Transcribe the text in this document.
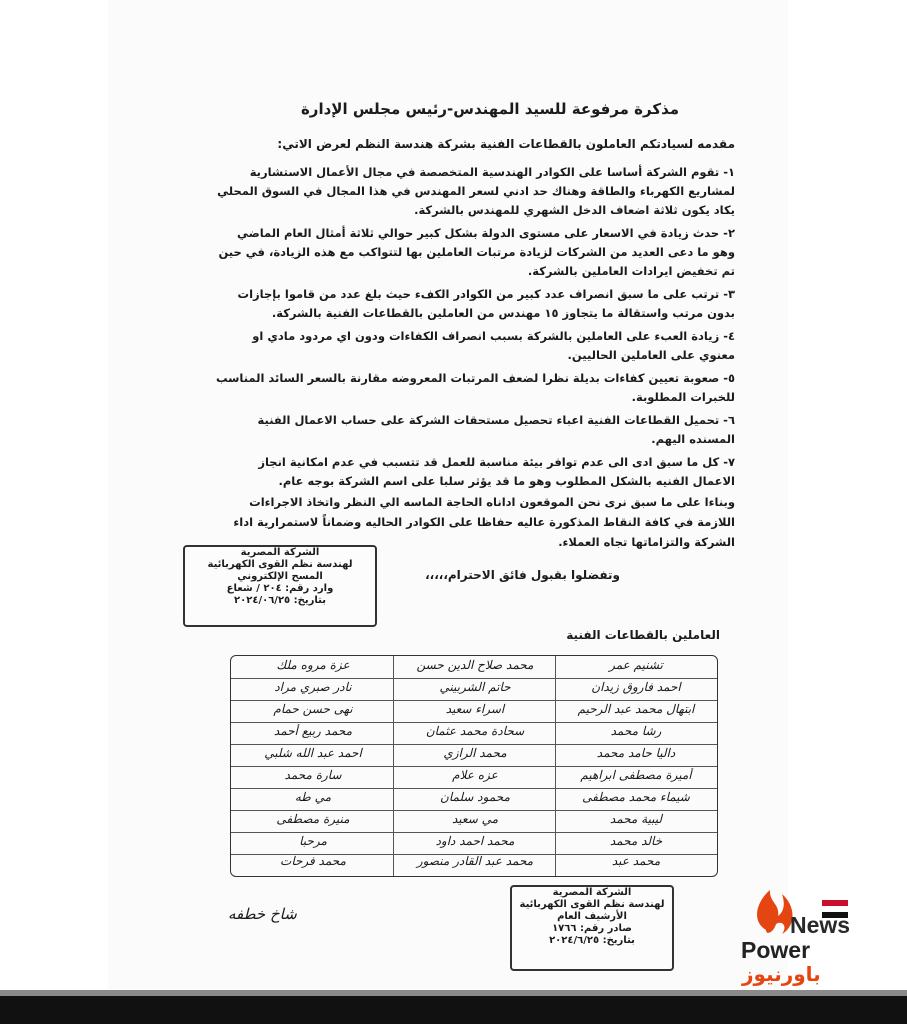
مذكرة مرفوعة للسيد المهندس-رئيس مجلس الإدارة
مقدمه لسيادتكم العاملون بالقطاعات الفنية بشركة هندسة النظم لعرض الاتي:
١- تقوم الشركة أساسا على الكوادر الهندسية المتخصصة في مجال الأعمال الاستشارية لمشاريع الكهرباء والطاقة وهناك حد ادني لسعر المهندس في هذا المجال في السوق المحلي يكاد يكون ثلاثة اضعاف الدخل الشهري للمهندس بالشركة.
٢- حدث زيادة في الاسعار على مستوى الدولة بشكل كبير حوالي ثلاثة أمثال العام الماضي وهو ما دعى العديد من الشركات لزيادة مرتبات العاملين بها لتتواكب مع هذه الزيادة، في حين تم تخفيض ايرادات العاملين بالشركة.
٣- ترتب على ما سبق انصراف عدد كبير من الكوادر الكفء حيث بلغ عدد من قاموا بإجازات بدون مرتب واستقالة ما يتجاوز ١٥ مهندس من العاملين بالقطاعات الفنية بالشركة.
٤- زيادة العبء على العاملين بالشركة بسبب انصراف الكفاءات ودون اي مردود مادي او معنوي على العاملين الحاليين.
٥- صعوبة تعيين كفاءات بديلة نظرا لضعف المرتبات المعروضه مقارنة بالسعر السائد المناسب للخبرات المطلوبة.
٦- تحميل القطاعات الفنية اعباء تحصيل مستحقات الشركة على حساب الاعمال الفنية المسنده اليهم.
٧- كل ما سبق ادى الى عدم توافر بيئة مناسبة للعمل قد تتسبب في عدم امكانية انجاز الاعمال الفنيه بالشكل المطلوب وهو ما قد يؤثر سلبا على اسم الشركة بوجه عام.
وبناءا على ما سبق نرى نحن الموقعون اداناه الحاجة الماسه الي النظر واتخاذ الاجراءات اللازمة في كافة النقاط المذكورة عاليه حفاظا على الكوادر الحاليه وضماناً لاستمرارية اداء الشركة والتزاماتها تجاه العملاء.
وتفضلوا بقبول فائق الاحترام،،،،،
الشركة المصرية
لهندسة نظم القوى الكهربائية
المسح الإلكتروني
وارد رقم: ٢٠٤ / شعاع
بتاريخ: ٢٠٢٤/٠٦/٢٥
العاملين بالقطاعات الفنية
عزة مروه ملك	محمد صلاح الدين حسن	تشنيم عمر
نادر صبري مراد	حاتم الشربيني	احمد فاروق زيدان
نهى حسن حمام	اسراء سعيد	ابتهال محمد عبد الرحيم
محمد ربيع أحمد	سحادة محمد عثمان	رشا محمد
احمد عبد الله شلبي	محمد الرازي	داليا حامد محمد
سارة محمد	عزه علام	أميرة مصطفى ابراهيم
مي طه	محمود سلمان	شيماء محمد مصطفى
منيرة مصطفى	مي سعيد	ليبية محمد
مرحبا	محمد احمد داود	خالد محمد
محمد فرحات	محمد عبد القادر منصور	محمد عبد
شاخ خطفه
الشركة المصرية
لهندسة نظم القوى الكهربائية
الأرشيف العام
صادر رقم: ١٧٦٦
بتاريخ: ٢٠٢٤/٦/٢٥
News
Power
باورنيوز
